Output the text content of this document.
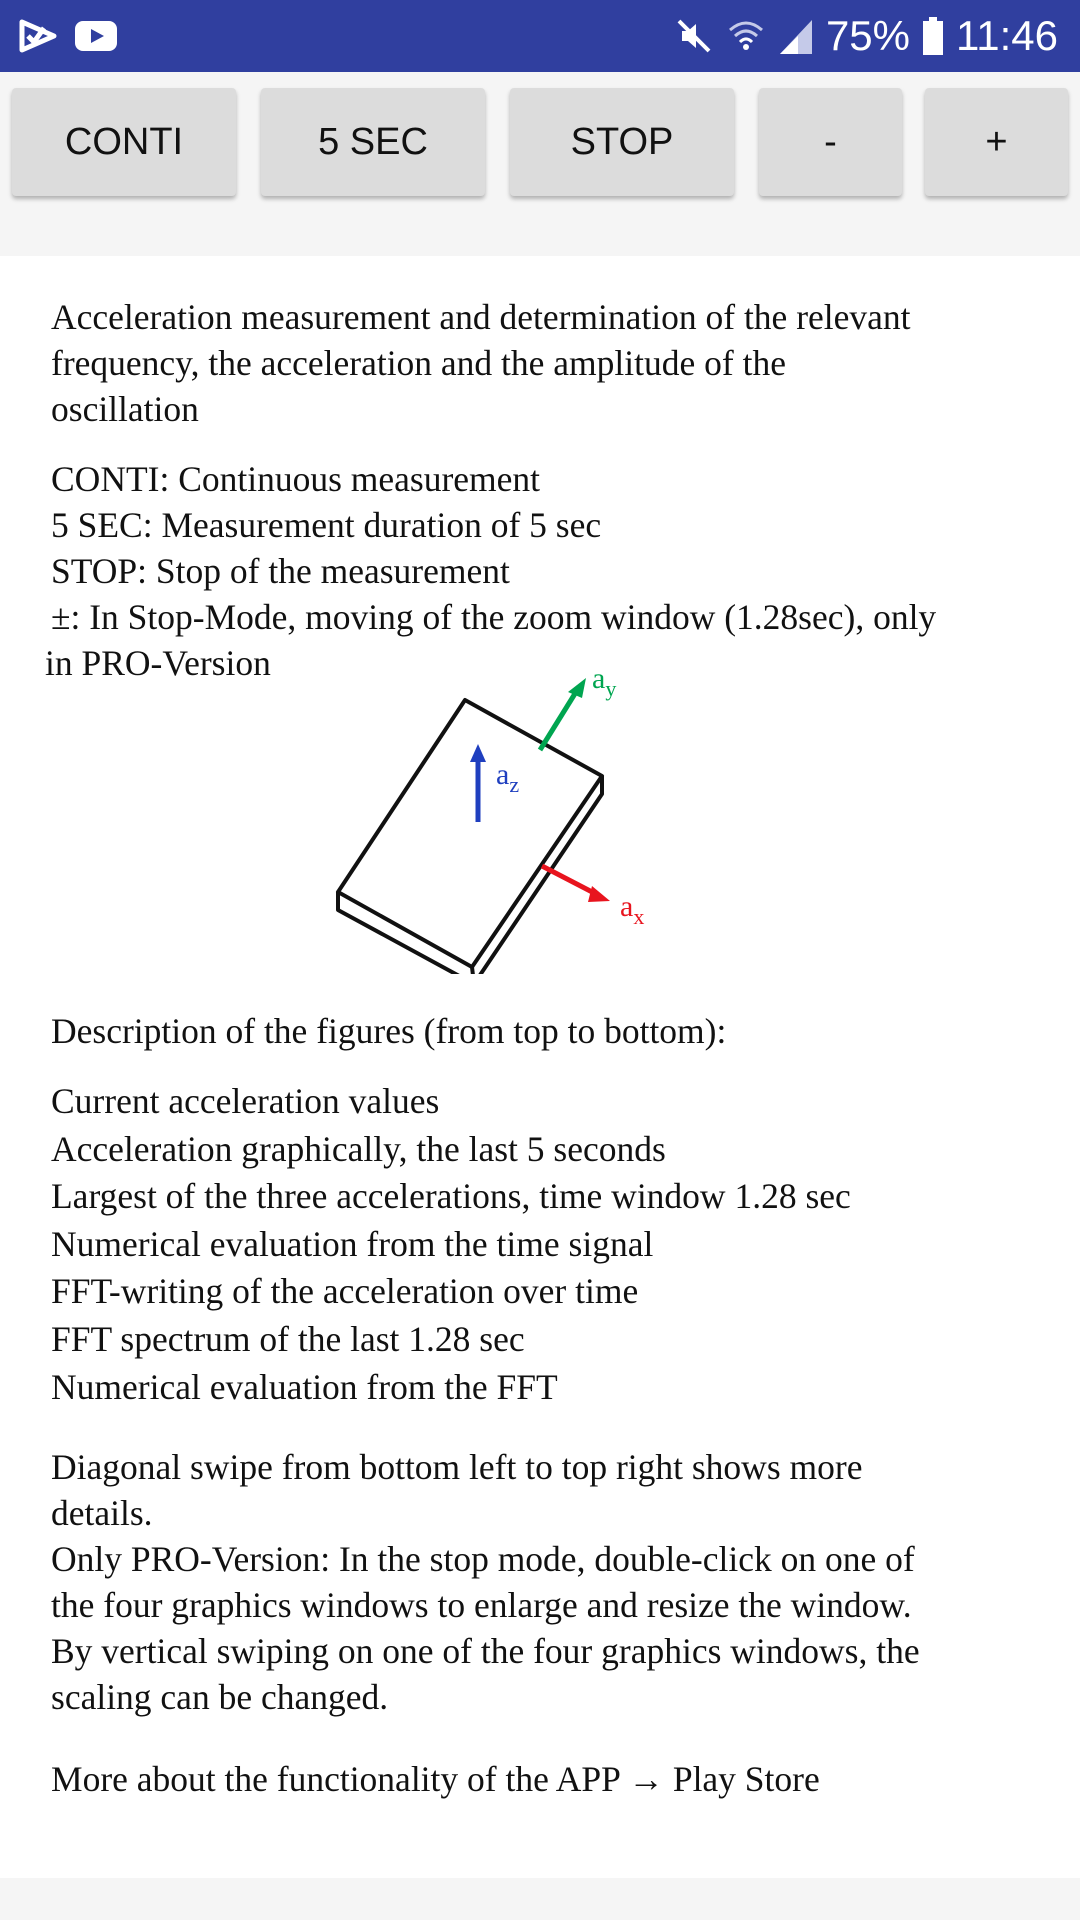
75% 11:46
CONTI	5 SEC	STOP	-	+

Acceleration measurement and determination of the relevant
frequency, the acceleration and the amplitude of the
oscillation

CONTI: Continuous measurement
5 SEC: Measurement duration of 5 sec
STOP: Stop of the measurement
±: In Stop-Mode, moving of the zoom window (1.28sec), only
in PRO-Version	$a_y$
$a_z$
$a_x$

Description of the figures (from top to bottom):

Current acceleration values
Acceleration graphically, the last 5 seconds
Largest of the three accelerations, time window 1.28 sec
Numerical evaluation from the time signal
FFT-writing of the acceleration over time
FFT spectrum of the last 1.28 sec
Numerical evaluation from the FFT

Diagonal swipe from bottom left to top right shows more
details.
Only PRO-Version: In the stop mode, double-click on one of
the four graphics windows to enlarge and resize the window.
By vertical swiping on one of the four graphics windows, the
scaling can be changed.

More about the functionality of the APP → Play Store
